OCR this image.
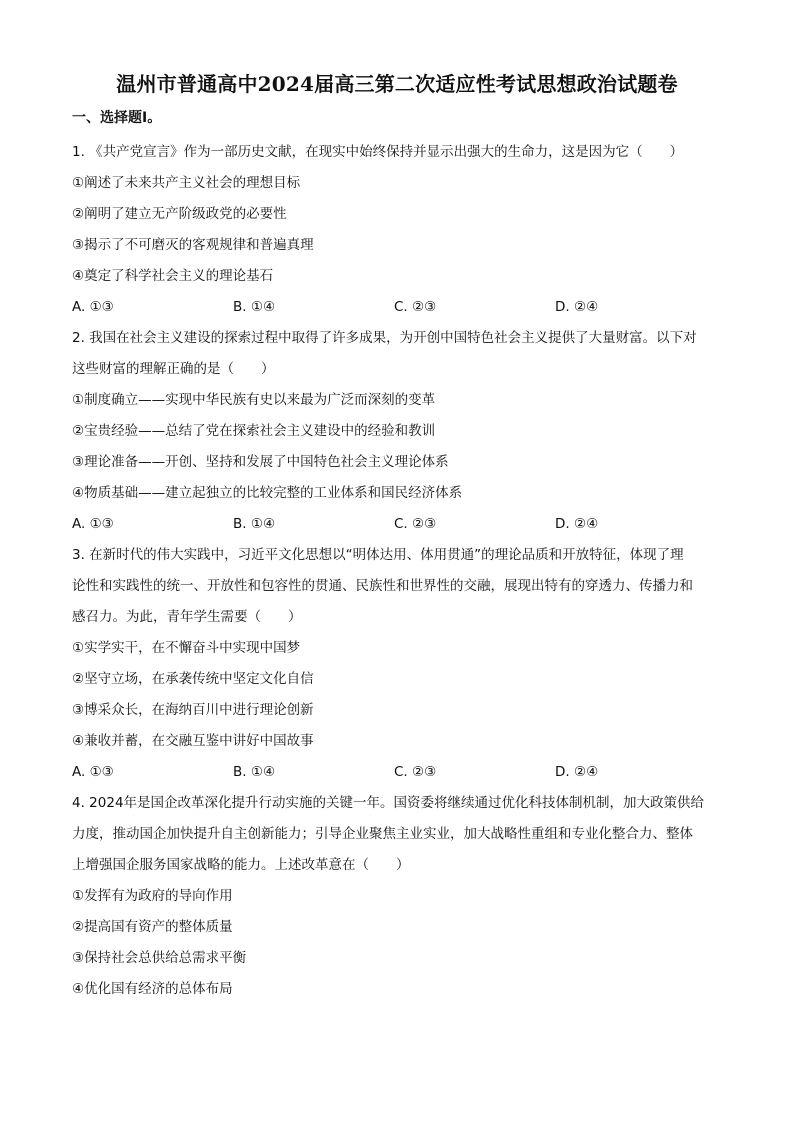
温州市普通高中2024届高三第二次适应性考试思想政治试题卷
一、选择题Ⅰ。
1. 《共产党宣言》作为一部历史文献，在现实中始终保持并显示出强大的生命力，这是因为它（　　）
①阐述了未来共产主义社会的理想目标
②阐明了建立无产阶级政党的必要性
③揭示了不可磨灭的客观规律和普遍真理
④奠定了科学社会主义的理论基石
A. ①③	B. ①④	C. ②③	D. ②④
2. 我国在社会主义建设的探索过程中取得了许多成果，为开创中国特色社会主义提供了大量财富。以下对
这些财富的理解正确的是（　　）
①制度确立——实现中华民族有史以来最为广泛而深刻的变革
②宝贵经验——总结了党在探索社会主义建设中的经验和教训
③理论准备——开创、坚持和发展了中国特色社会主义理论体系
④物质基础——建立起独立的比较完整的工业体系和国民经济体系
A. ①③	B. ①④	C. ②③	D. ②④
3. 在新时代的伟大实践中，习近平文化思想以“明体达用、体用贯通”的理论品质和开放特征，体现了理
论性和实践性的统一、开放性和包容性的贯通、民族性和世界性的交融，展现出特有的穿透力、传播力和
感召力。为此，青年学生需要（　　）
①实学实干，在不懈奋斗中实现中国梦
②坚守立场，在承袭传统中坚定文化自信
③博采众长，在海纳百川中进行理论创新
④兼收并蓄，在交融互鉴中讲好中国故事
A. ①③	B. ①④	C. ②③	D. ②④
4. 2024年是国企改革深化提升行动实施的关键一年。国资委将继续通过优化科技体制机制，加大政策供给
力度，推动国企加快提升自主创新能力；引导企业聚焦主业实业，加大战略性重组和专业化整合力、整体
上增强国企服务国家战略的能力。上述改革意在（　　）
①发挥有为政府的导向作用
②提高国有资产的整体质量
③保持社会总供给总需求平衡
④优化国有经济的总体布局
